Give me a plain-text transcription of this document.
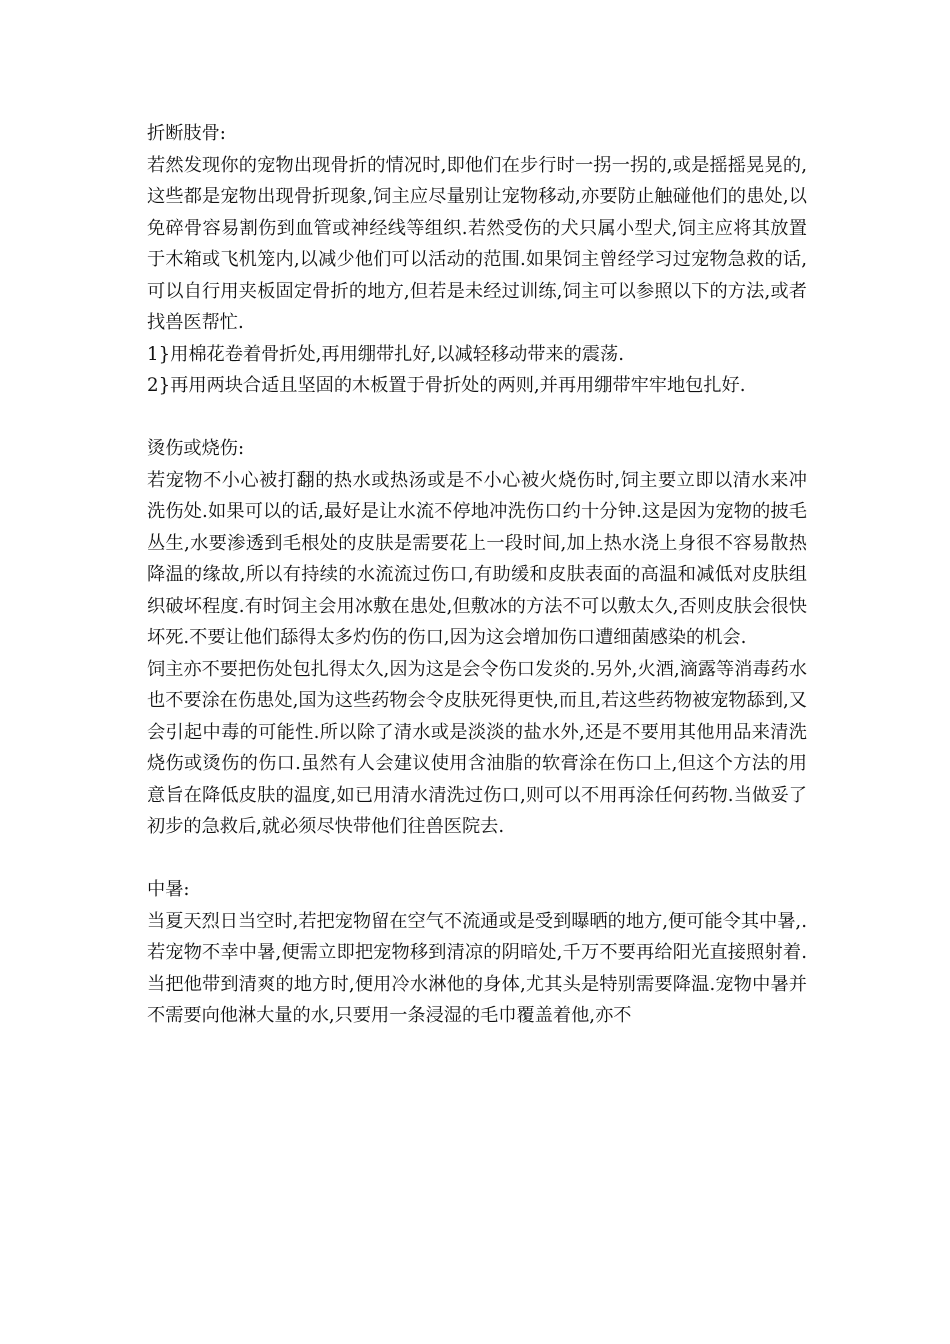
折断肢骨:

若然发现你的宠物出现骨折的情况时,即他们在步行时一拐一拐的,或是摇摇晃晃的,这些都是宠物出现骨折现象,饲主应尽量别让宠物移动,亦要防止触碰他们的患处,以免碎骨容易割伤到血管或神经线等组织.若然受伤的犬只属小型犬,饲主应将其放置于木箱或飞机笼内,以减少他们可以活动的范围.如果饲主曾经学习过宠物急救的话,可以自行用夹板固定骨折的地方,但若是未经过训练,饲主可以参照以下的方法,或者找兽医帮忙.

1}用棉花卷着骨折处,再用绷带扎好,以减轻移动带来的震荡.

2}再用两块合适且坚固的木板置于骨折处的两则,并再用绷带牢牢地包扎好.

烫伤或烧伤:

若宠物不小心被打翻的热水或热汤或是不小心被火烧伤时,饲主要立即以清水来冲洗伤处.如果可以的话,最好是让水流不停地冲洗伤口约十分钟.这是因为宠物的披毛丛生,水要渗透到毛根处的皮肤是需要花上一段时间,加上热水浇上身很不容易散热降温的缘故,所以有持续的水流流过伤口,有助缓和皮肤表面的高温和减低对皮肤组织破坏程度.有时饲主会用冰敷在患处,但敷冰的方法不可以敷太久,否则皮肤会很快坏死.不要让他们舔得太多灼伤的伤口,因为这会增加伤口遭细菌感染的机会.

饲主亦不要把伤处包扎得太久,因为这是会令伤口发炎的.另外,火酒,滴露等消毒药水也不要涂在伤患处,国为这些药物会令皮肤死得更快,而且,若这些药物被宠物舔到,又会引起中毒的可能性.所以除了清水或是淡淡的盐水外,还是不要用其他用品来清洗烧伤或烫伤的伤口.虽然有人会建议使用含油脂的软膏涂在伤口上,但这个方法的用意旨在降低皮肤的温度,如已用清水清洗过伤口,则可以不用再涂任何药物.当做妥了初步的急救后,就必须尽快带他们往兽医院去.

中暑:

当夏天烈日当空时,若把宠物留在空气不流通或是受到曝晒的地方,便可能令其中暑,.若宠物不幸中暑,便需立即把宠物移到清凉的阴暗处,千万不要再给阳光直接照射着.当把他带到清爽的地方时,便用冷水淋他的身体,尤其头是特别需要降温.宠物中暑并不需要向他淋大量的水,只要用一条浸湿的毛巾覆盖着他,亦不
